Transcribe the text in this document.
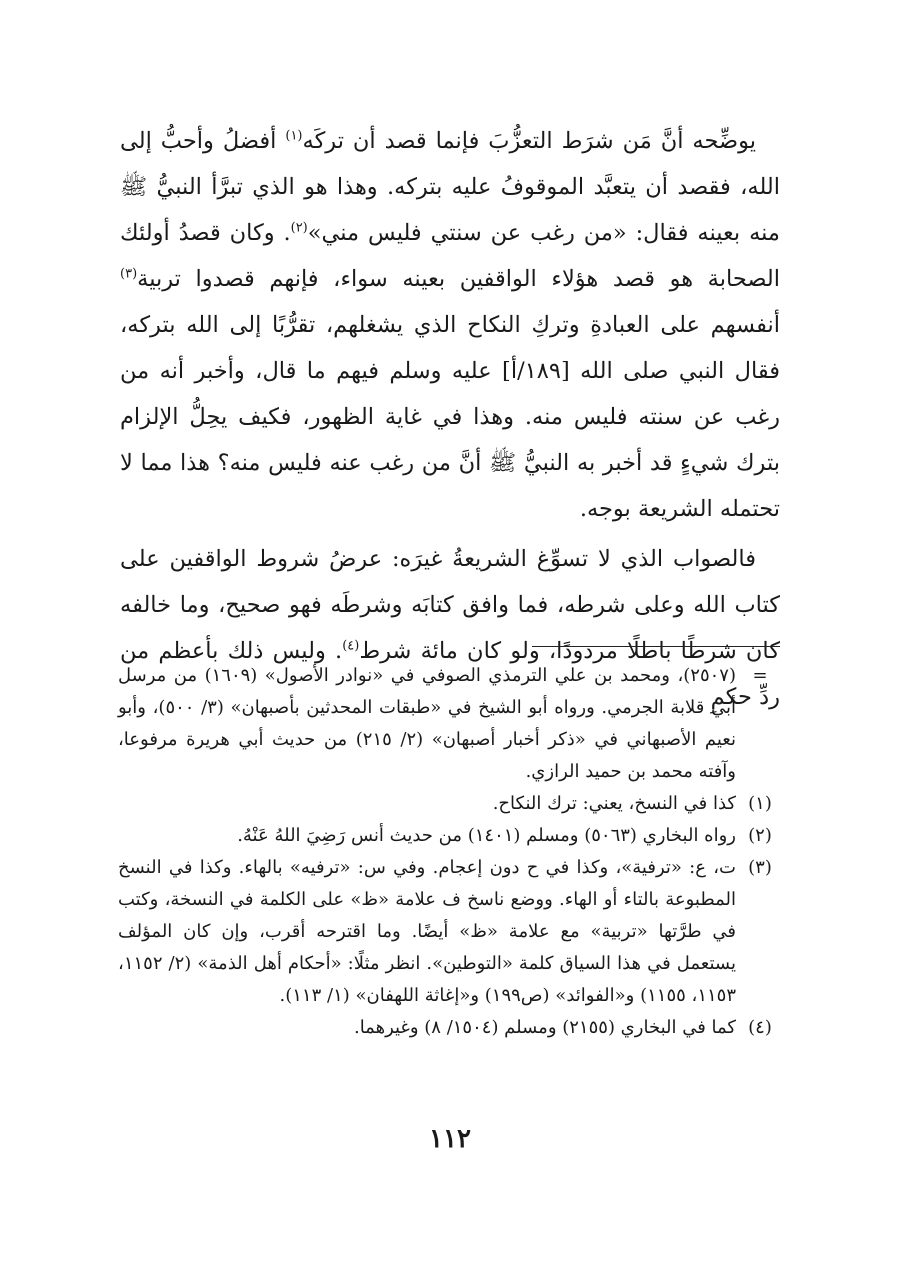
يوضِّحه أنَّ مَن شرَط التعزُّبَ فإنما قصد أن تركَه$^{(١)}$ أفضلُ وأحبُّ إلى الله، فقصد أن يتعبَّد الموقوفُ عليه بتركه. وهذا هو الذي تبرَّأ النبيُّ ﷺ منه بعينه فقال: «من رغب عن سنتي فليس مني»$^{(٢)}$. وكان قصدُ أولئك الصحابة هو قصد هؤلاء الواقفين بعينه سواء، فإنهم قصدوا تربية$^{(٣)}$ أنفسهم على العبادةِ وتركِ النكاح الذي يشغلهم، تقرُّبًا إلى الله بتركه، فقال النبي صلى الله [١٨٩/أ] عليه وسلم فيهم ما قال، وأخبر أنه من رغب عن سنته فليس منه. وهذا في غاية الظهور، فكيف يحِلُّ الإلزام بترك شيءٍ قد أخبر به النبيُّ ﷺ أنَّ من رغب عنه فليس منه؟ هذا مما لا تحتمله الشريعة بوجه.

فالصواب الذي لا تسوِّغ الشريعةُ غيرَه: عرضُ شروط الواقفين على كتاب الله وعلى شرطه، فما وافق كتابَه وشرطَه فهو صحيح، وما خالفه كان شرطًا باطلًا مردودًا، ولو كان مائة شرط$^{(٤)}$. وليس ذلك بأعظم من ردِّ حكمِ

=
(٢٥٠٧)، ومحمد بن علي الترمذي الصوفي في «نوادر الأصول» (١٦٠٩) من مرسل أبي قلابة الجرمي. ورواه أبو الشيخ في «طبقات المحدثين بأصبهان» (٣/ ٥٠٠)، وأبو نعيم الأصبهاني في «ذكر أخبار أصبهان» (٢/ ٢١٥) من حديث أبي هريرة مرفوعا، وآفته محمد بن حميد الرازي.

(١)
كذا في النسخ، يعني: ترك النكاح.

(٢)
رواه البخاري (٥٠٦٣) ومسلم (١٤٠١) من حديث أنس رَضِيَ اللهُ عَنْهُ.

(٣)
ت، ع: «ترفية»، وكذا في ح دون إعجام. وفي س: «ترفيه» بالهاء. وكذا في النسخ المطبوعة بالتاء أو الهاء. ووضع ناسخ ف علامة «ظ» على الكلمة في النسخة، وكتب في طرَّتها «تربية» مع علامة «ظ» أيضًا. وما اقترحه أقرب، وإن كان المؤلف يستعمل في هذا السياق كلمة «التوطين». انظر مثلًا: «أحكام أهل الذمة» (٢/ ١١٥٢، ١١٥٣، ١١٥٥) و«الفوائد» (ص١٩٩) و«إغاثة اللهفان» (١/ ١١٣).

(٤)
كما في البخاري (٢١٥٥) ومسلم (١٥٠٤/ ٨) وغيرهما.

١١٢
